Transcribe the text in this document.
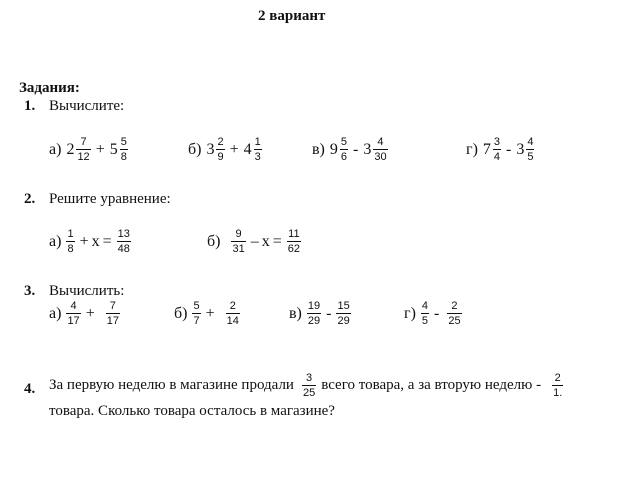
2 вариант
Задания:
1. Вычислите:
а) $2 \frac{7}{12} + 5 \frac{5}{8}$	б) $3 \frac{2}{9} + 4 \frac{1}{3}$	в) $9 \frac{5}{6} - 3 \frac{4}{30}$	г) $7 \frac{3}{4} - 3 \frac{4}{5}$
2. Решите уравнение:
$а) \frac{1}{8} + x = \frac{13}{48}$	$б) \frac{9}{31} - x = \frac{11}{62}$
3. Вычислить:
$а) \frac{4}{17} + \frac{7}{17}$	$б) \frac{5}{7} + \frac{2}{14}$	$в) \frac{19}{29} - \frac{15}{29}$	$г) \frac{4}{5} - \frac{2}{25}$
4. За первую неделю в магазине продали $\frac{3}{25}$ всего товара, а за вторую неделю - $\frac{2}{1.}$
товара. Сколько товара осталось в магазине?
